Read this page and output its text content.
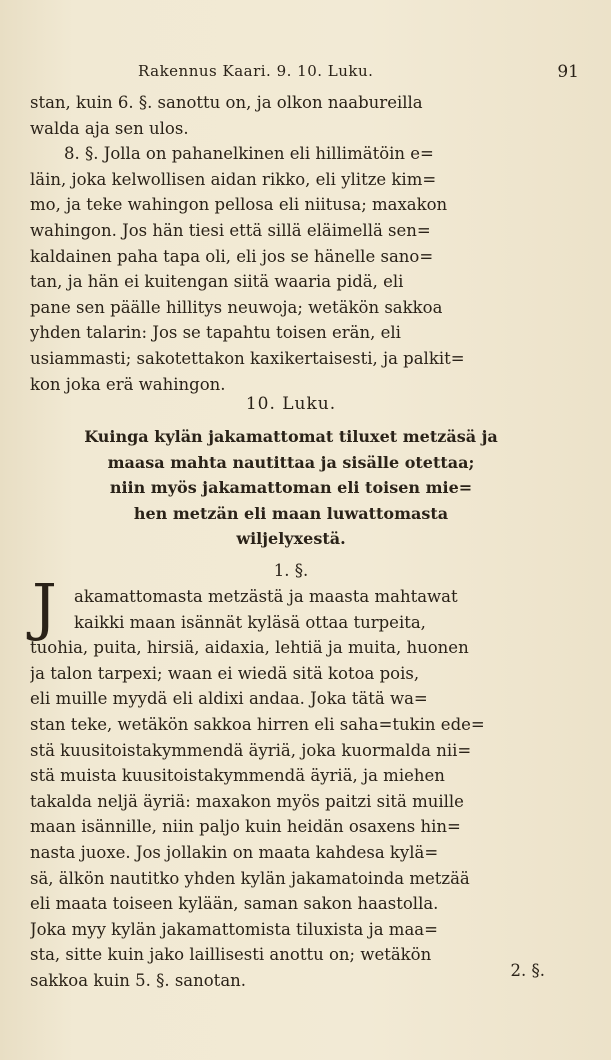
Rakennus Kaari. 9. 10. Luku.	91
stan, kuin 6. §. sanottu on, ja olkon naabureilla
walda aja sen ulos.
8. §. Jolla on pahanelkinen eli hillimätöin e=
läin, joka kelwollisen aidan rikko, eli ylitze kim=
mo, ja teke wahingon pellosa eli niitusa; maxakon
wahingon. Jos hän tiesi että sillä eläimellä sen=
kaldainen paha tapa oli, eli jos se hänelle sano=
tan, ja hän ei kuitengan siitä waaria pidä, eli
pane sen päälle hillitys neuwoja; wetäkön sakkoa
yhden talarin: Jos se tapahtu toisen erän, eli
usiammasti; sakotettakon kaxikertaisesti, ja palkit=
kon joka erä wahingon.
10. Luku.
Kuinga kylän jakamattomat tiluxet metzäsä ja
maasa mahta nautittaa ja sisälle otettaa;
niin myös jakamattoman eli toisen mie=
hen metzän eli maan luwattomasta
wiljelyxestä.
1. §.
J	akamattomasta metzästä ja maasta mahtawat
kaikki maan isännät kyläsä ottaa turpeita,
tuohia, puita, hirsiä, aidaxia, lehtiä ja muita, huonen
ja talon tarpexi; waan ei wiedä sitä kotoa pois,
eli muille myydä eli aldixi andaa. Joka tätä wa=
stan teke, wetäkön sakkoa hirren eli saha=tukin ede=
stä kuusitoistakymmendä äyriä, joka kuormalda nii=
stä muista kuusitoistakymmendä äyriä, ja miehen
takalda neljä äyriä: maxakon myös paitzi sitä muille
maan isännille, niin paljo kuin heidän osaxens hin=
nasta juoxe. Jos jollakin on maata kahdesa kylä=
sä, älkön nautitko yhden kylän jakamatoinda metzää
eli maata toiseen kylään, saman sakon haastolla.
Joka myy kylän jakamattomista tiluxista ja maa=
sta, sitte kuin jako laillisesti anottu on; wetäkön
sakkoa kuin 5. §. sanotan.
2. §.
